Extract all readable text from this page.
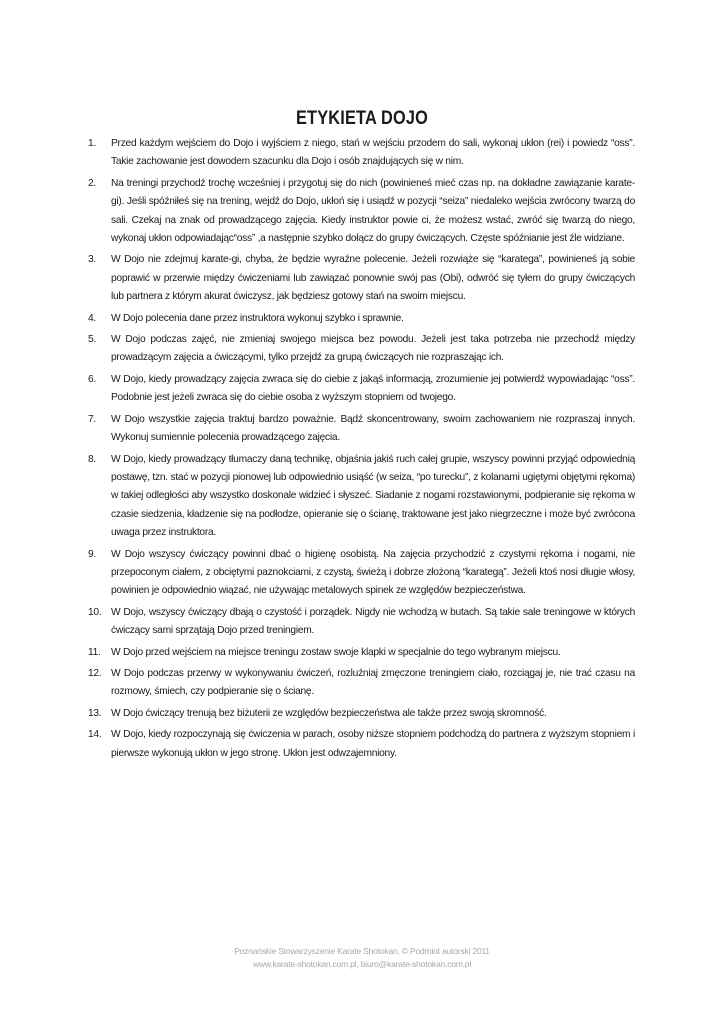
ETYKIETA DOJO
1.	Przed każdym wejściem do Dojo i wyjściem z niego, stań w wejściu przodem do sali, wykonaj ukłon (rei) i powiedz “oss”. Takie zachowanie jest dowodem szacunku dla Dojo i osób znajdujących się w nim.
2.	Na treningi przychodź trochę wcześniej i przygotuj się do nich (powinieneś mieć czas np. na dokładne zawiązanie karate-gi). Jeśli spóźniłeś się na trening, wejdź do Dojo, ukłoń się i usiądź w pozycji “seiza” niedaleko wejścia zwrócony twarzą do sali. Czekaj na znak od prowadzącego zajęcia. Kiedy instruktor powie ci, że możesz wstać, zwróć się twarzą do niego, wykonaj ukłon odpowiadając“oss” ,a następnie szybko dołącz do grupy ćwiczących. Częste spóźnianie jest źle widziane.
3.	W Dojo nie zdejmuj karate-gi, chyba, że będzie wyraźne polecenie. Jeżeli rozwiąże się “karatega”, powinieneś ją sobie poprawić w przerwie między ćwiczeniami lub zawiązać ponownie swój pas (Obi), odwróć się tyłem do grupy ćwiczących lub partnera z którym akurat ćwiczysz, jak będziesz gotowy stań na swoim miejscu.
4.	W Dojo polecenia dane przez instruktora wykonuj szybko i sprawnie.
5.	W Dojo podczas zajęć, nie zmieniaj swojego miejsca bez powodu. Jeżeli jest taka potrzeba nie przechodź między prowadzącym zajęcia a ćwiczącymi, tylko przejdź za grupą ćwiczących nie rozpraszając ich.
6.	W Dojo, kiedy prowadzący zajęcia zwraca się do ciebie z jakąś informacją, zrozumienie jej potwierdź wypowiadając “oss”. Podobnie jest jeżeli zwraca się do ciebie osoba z wyższym stopniem od twojego.
7.	W Dojo wszystkie zajęcia traktuj bardzo poważnie. Bądź skoncentrowany, swoim zachowaniem nie rozpraszaj innych. Wykonuj sumiennie polecenia prowadzącego zajęcia.
8.	W Dojo, kiedy prowadzący tłumaczy daną technikę, objaśnia jakiś ruch całej grupie, wszyscy powinni przyjąć odpowiednią postawę, tzn. stać w pozycji pionowej lub odpowiednio usiąść (w seiza, “po turecku”, z kolanami ugiętymi objętymi rękoma) w takiej odległości aby wszystko doskonale widzieć i słyszeć. Siadanie z nogami rozstawionymi, podpieranie się rękoma w czasie siedzenia, kładzenie się na podłodze, opieranie się o ścianę, traktowane jest jako niegrzeczne i może być zwrócona uwaga przez instruktora.
9.	W Dojo wszyscy ćwiczący powinni dbać o higienę osobistą. Na zajęcia przychodzić z czystymi rękoma i nogami, nie przepoconym ciałem, z obciętymi paznokciami, z czystą, świeżą i dobrze złożoną “karategą”. Jeżeli ktoś nosi długie włosy, powinien je odpowiednio wiązać, nie używając metalowych spinek ze względów bezpieczeństwa.
10. W Dojo, wszyscy ćwiczący dbają o czystość i porządek. Nigdy nie wchodzą w butach. Są takie sale treningowe w których ćwiczący sami sprzątają Dojo przed treningiem.
11.	W Dojo przed wejściem na miejsce treningu zostaw swoje klapki w specjalnie do tego wybranym miejscu.
12. W Dojo podczas przerwy w wykonywaniu ćwiczeń, rozluźniaj zmęczone treningiem ciało, rozciągaj je, nie trać czasu na rozmowy, śmiech, czy podpieranie się o ścianę.
13. W Dojo ćwiczący trenują bez biżuterii ze względów bezpieczeństwa ale także przez swoją skromność.
14. W Dojo, kiedy rozpoczynają się ćwiczenia w parach, osoby niższe stopniem podchodzą do partnera z wyższym stopniem i pierwsze wykonują ukłon w jego stronę. Ukłon jest odwzajemniony.
Poznańskie Stowarzyszenie Karate Shotokan, © Podmiot autorski 2011
www.karate-shotokan.com.pl, biuro@karate-shotokan.com.pl
